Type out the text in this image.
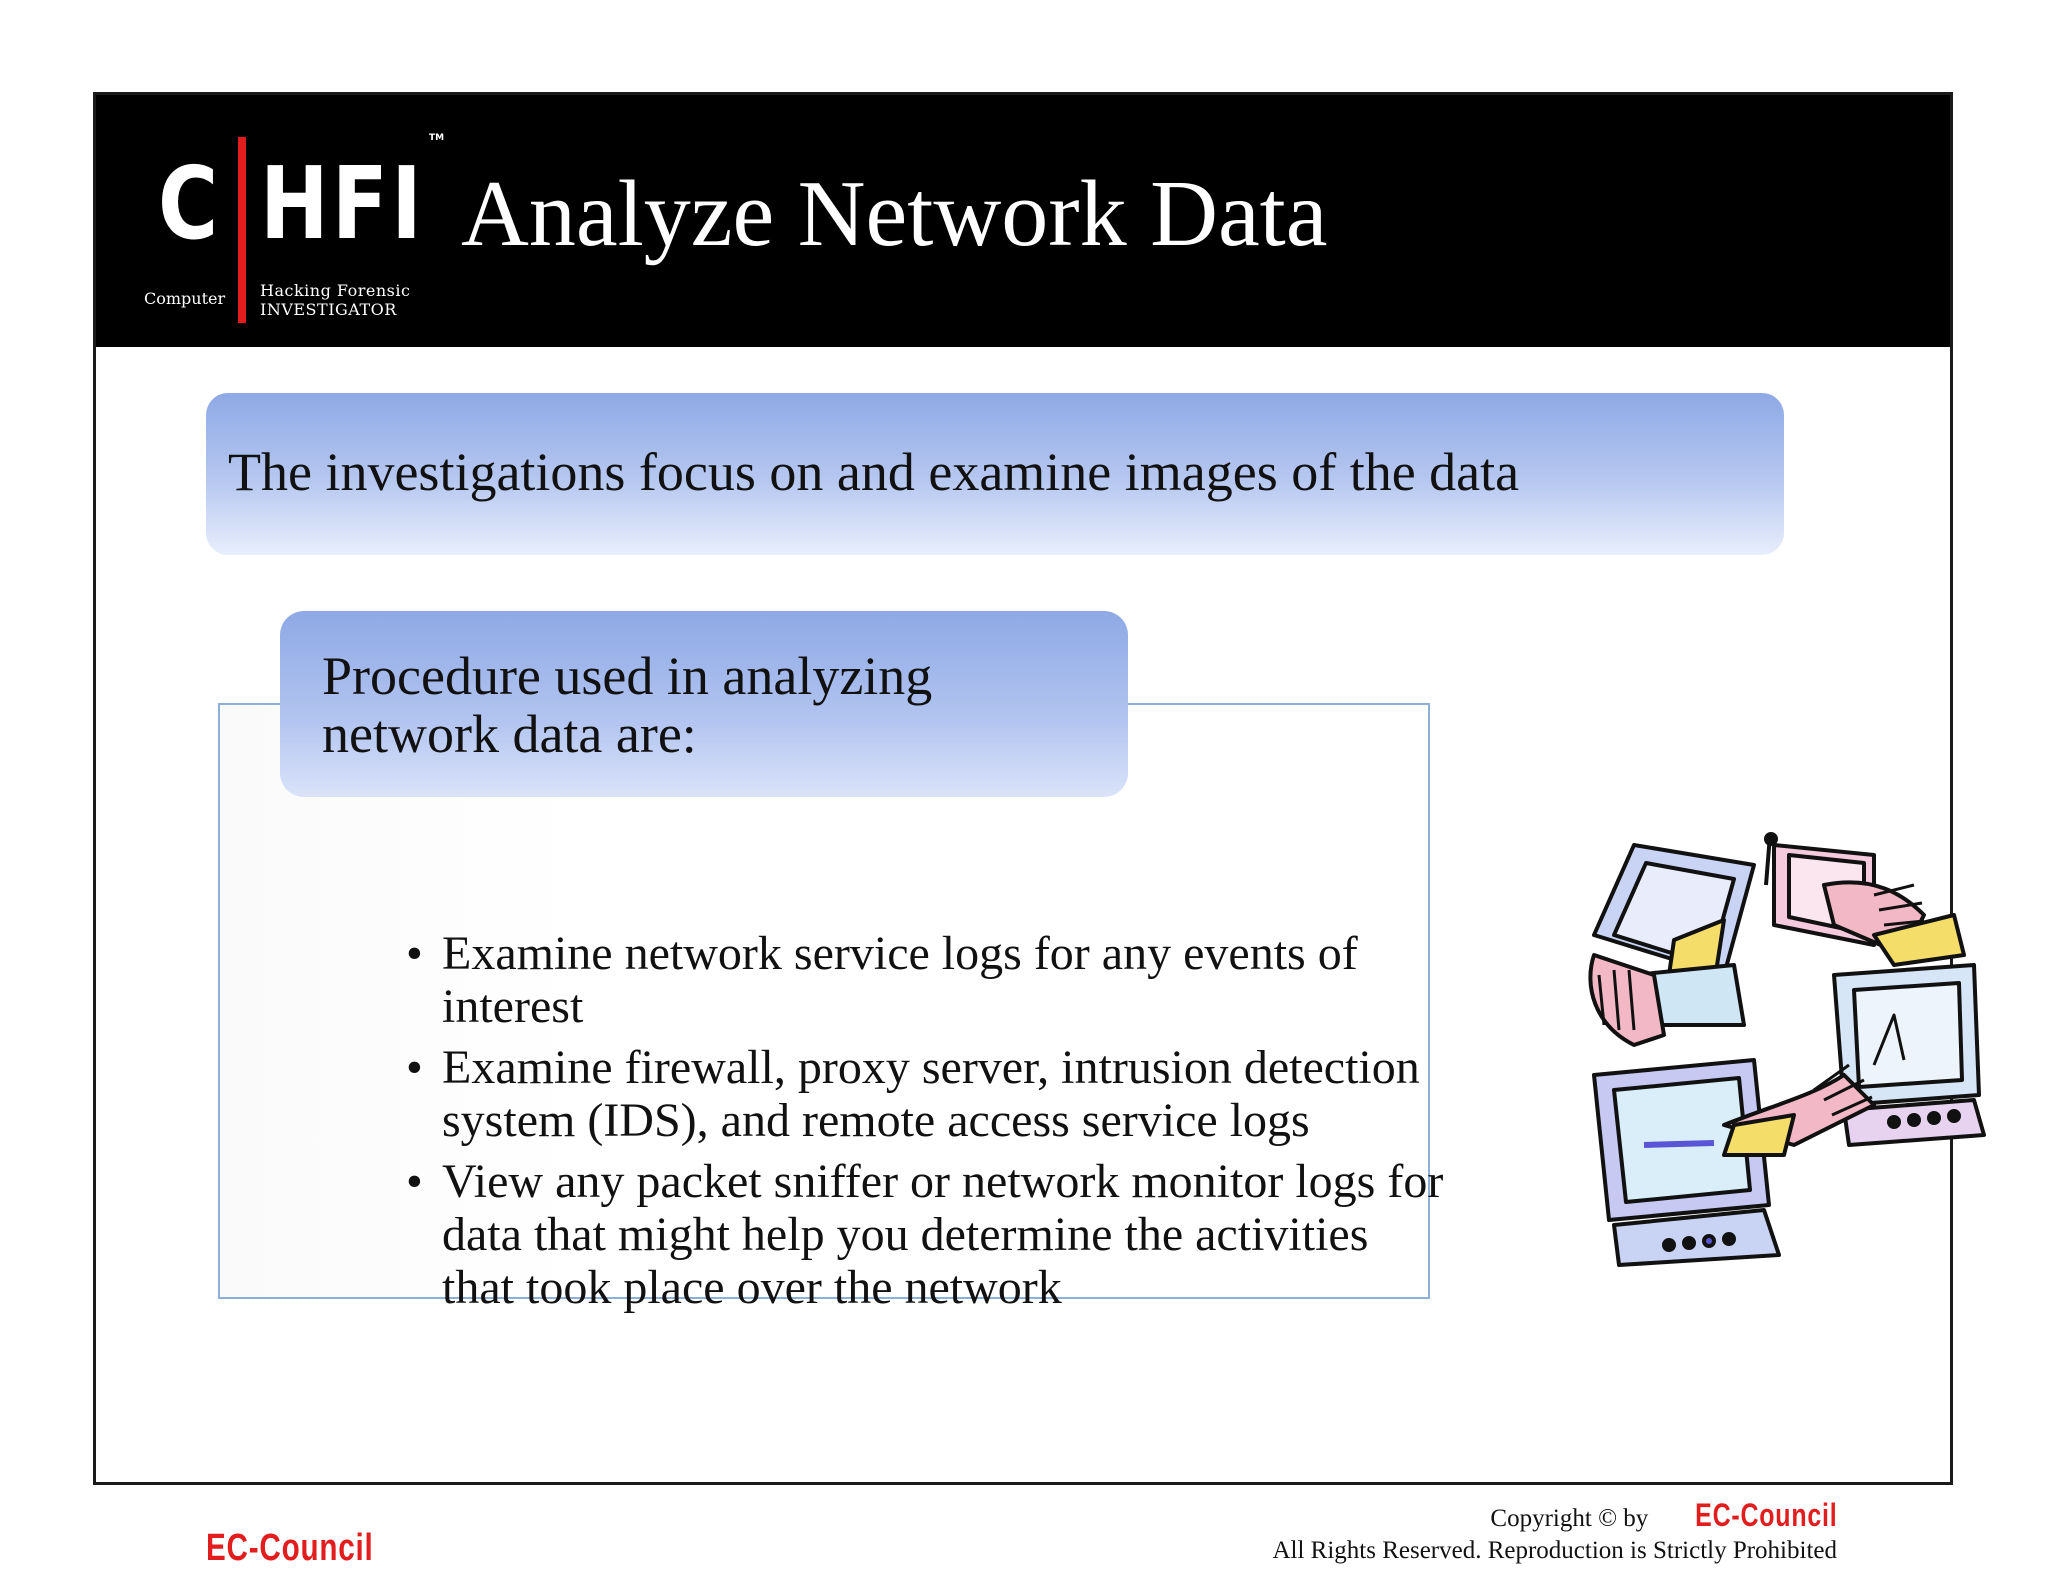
C HFI
TM
Computer Hacking Forensic
INVESTIGATOR
Analyze Network Data
The investigations focus on and examine images of the data
Procedure used in analyzing
network data are:
• Examine network service logs for any events of interest
• Examine firewall, proxy server, intrusion detection system (IDS), and remote access service logs
• View any packet sniffer or network monitor logs for data that might help you determine the activities that took place over the network
EC-Council
Copyright © by EC-Council
All Rights Reserved. Reproduction is Strictly Prohibited
